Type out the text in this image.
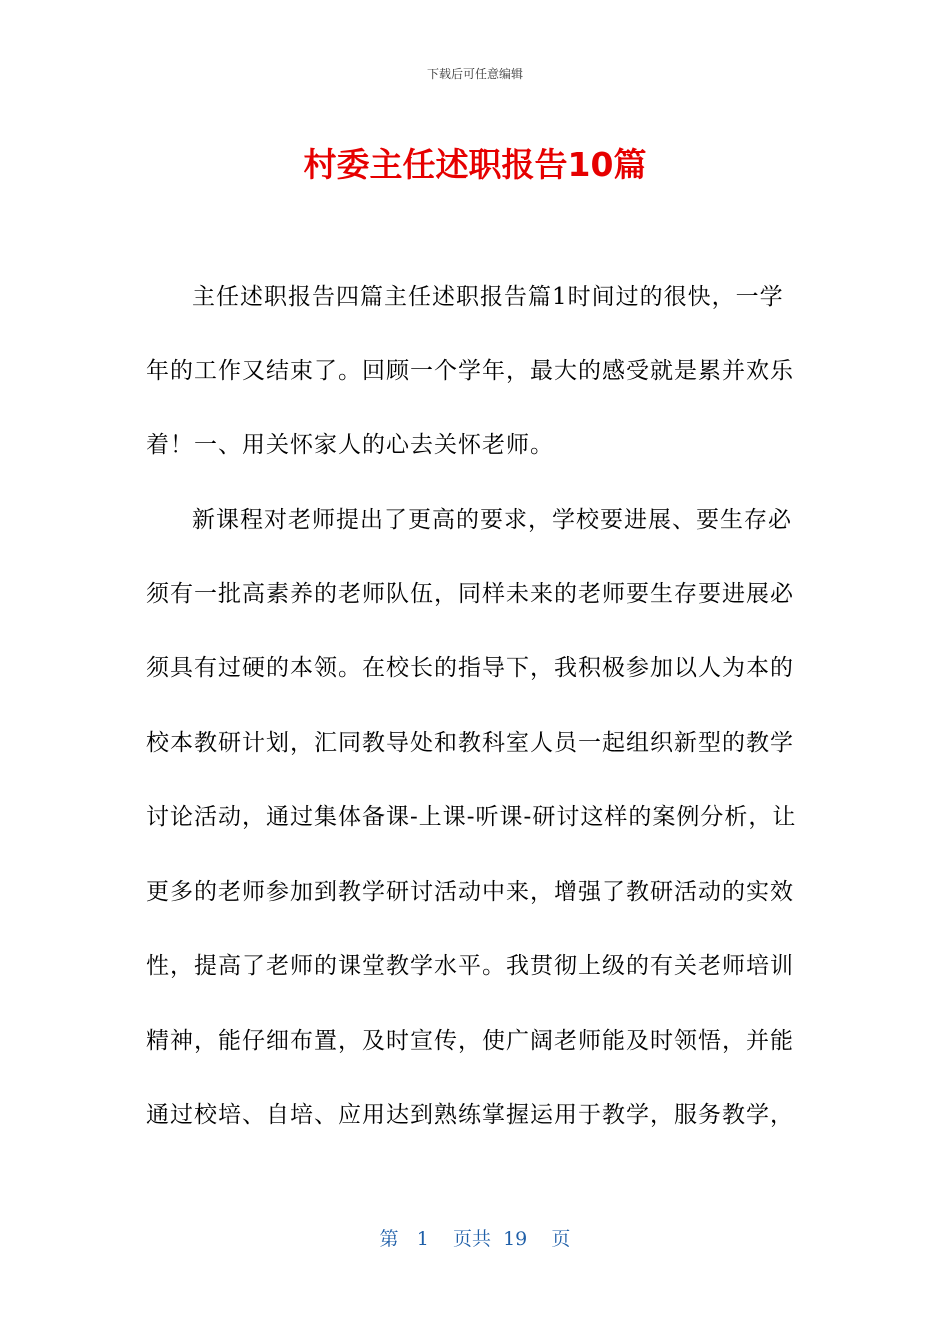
下载后可任意编辑
村委主任述职报告10篇
主任述职报告四篇主任述职报告篇1时间过的很快，一学
年的工作又结束了。回顾一个学年，最大的感受就是累并欢乐
着！一、用关怀家人的心去关怀老师。
新课程对老师提出了更高的要求，学校要进展、要生存必
须有一批高素养的老师队伍，同样未来的老师要生存要进展必
须具有过硬的本领。在校长的指导下，我积极参加以人为本的
校本教研计划，汇同教导处和教科室人员一起组织新型的教学
讨论活动，通过集体备课-上课-听课-研讨这样的案例分析，让
更多的老师参加到教学研讨活动中来，增强了教研活动的实效
性，提高了老师的课堂教学水平。我贯彻上级的有关老师培训
精神，能仔细布置，及时宣传，使广阔老师能及时领悟，并能
通过校培、自培、应用达到熟练掌握运用于教学，服务教学，
第 1 页共 19 页
